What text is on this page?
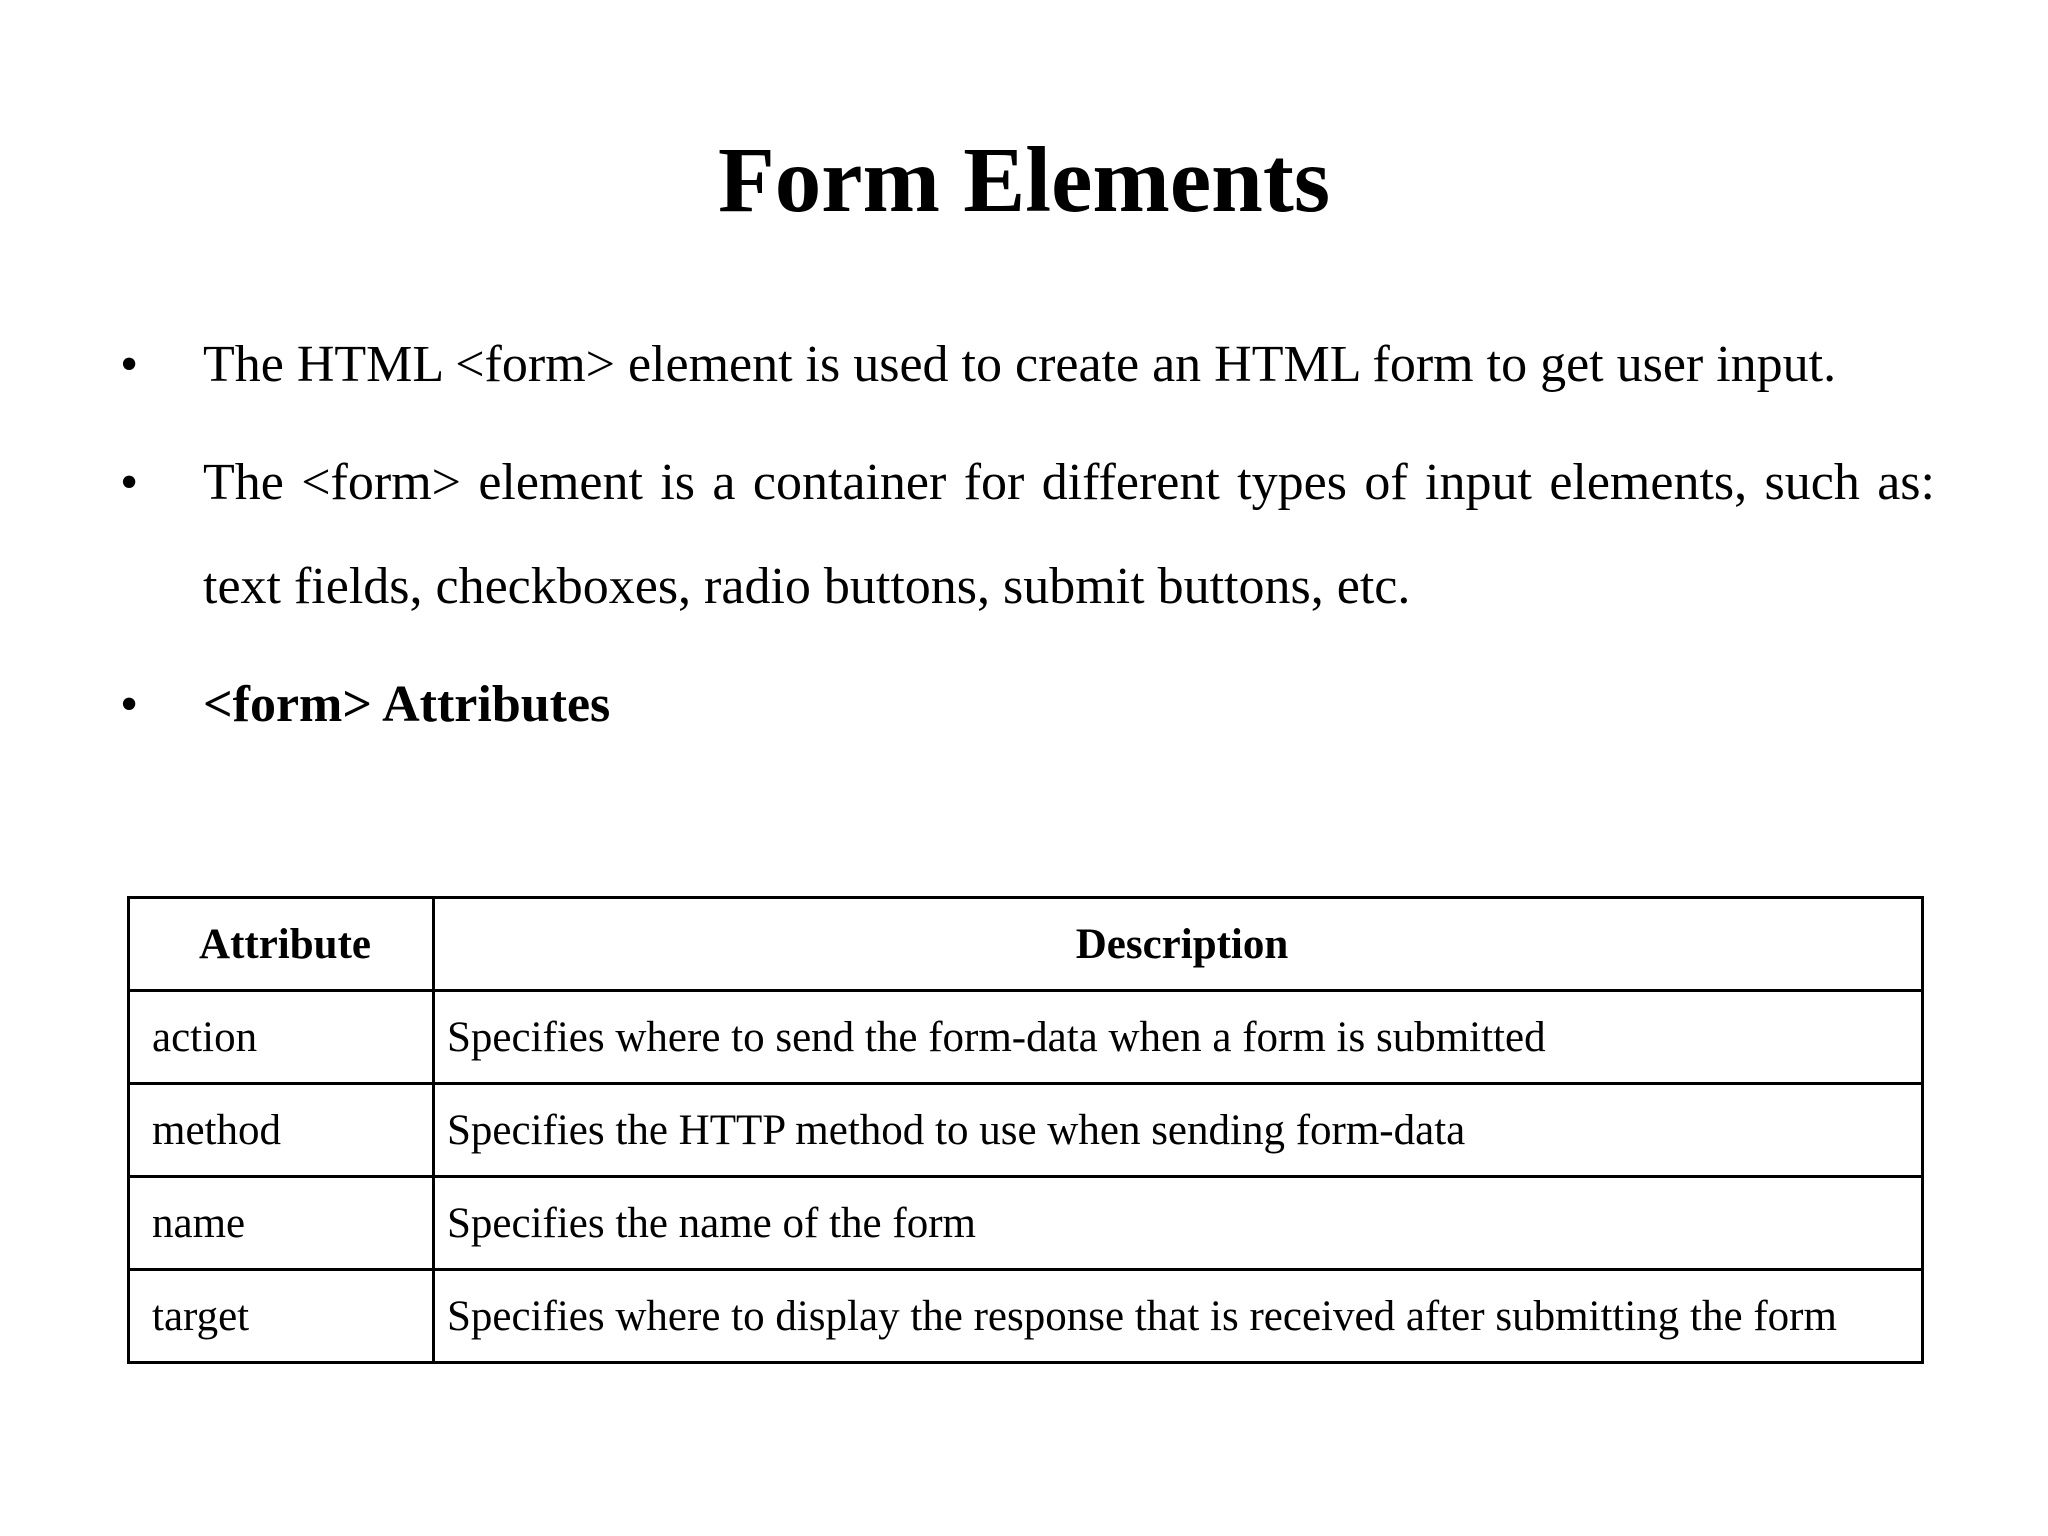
Form Elements
• The HTML <form> element is used to create an HTML form to get user input.
• The <form> element is a container for different types of input elements, such as: text fields, checkboxes, radio buttons, submit buttons, etc.
• <form> Attributes
Attribute	Description
action	Specifies where to send the form-data when a form is submitted
method	Specifies the HTTP method to use when sending form-data
name	Specifies the name of the form
target	Specifies where to display the response that is received after submitting the form
